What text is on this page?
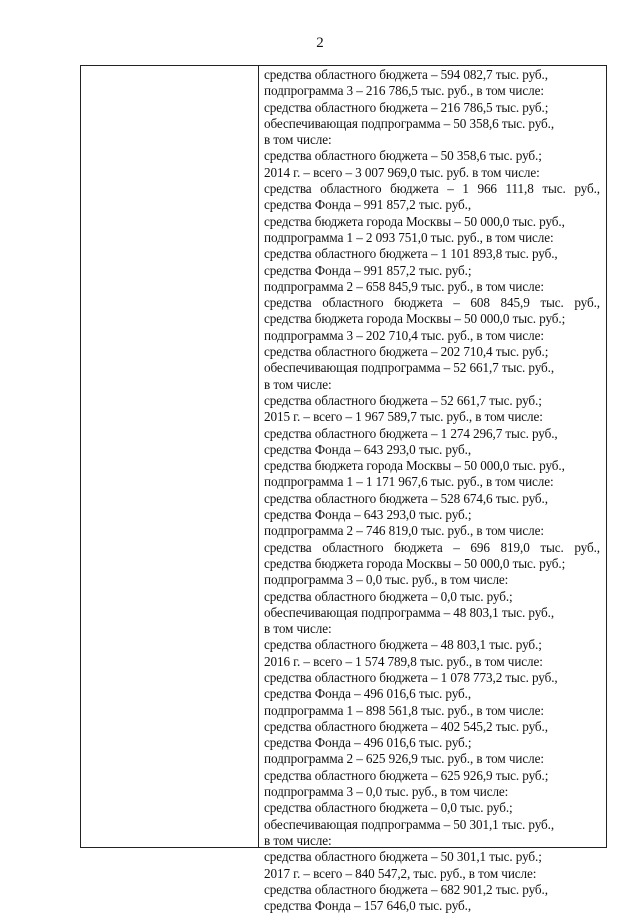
2
средства областного бюджета – 594 082,7 тыс. руб.,
подпрограмма 3 – 216 786,5 тыс. руб., в том числе:
средства областного бюджета – 216 786,5 тыс. руб.;
обеспечивающая подпрограмма – 50 358,6 тыс. руб.,
в том числе:
средства областного бюджета – 50 358,6 тыс. руб.;
2014 г. – всего – 3 007 969,0 тыс. руб. в том числе:
средства областного бюджета – 1 966 111,8 тыс. руб.,
средства Фонда – 991 857,2 тыс. руб.,
средства бюджета города Москвы – 50 000,0 тыс. руб.,
подпрограмма 1 – 2 093 751,0 тыс. руб., в том числе:
средства областного бюджета – 1 101 893,8 тыс. руб.,
средства Фонда – 991 857,2 тыс. руб.;
подпрограмма 2 – 658 845,9 тыс. руб., в том числе:
средства областного бюджета – 608 845,9 тыс. руб.,
средства бюджета города Москвы – 50 000,0 тыс. руб.;
подпрограмма 3 – 202 710,4 тыс. руб., в том числе:
средства областного бюджета – 202 710,4 тыс. руб.;
обеспечивающая подпрограмма – 52 661,7 тыс. руб.,
в том числе:
средства областного бюджета – 52 661,7 тыс. руб.;
2015 г. – всего – 1 967 589,7 тыс. руб., в том числе:
средства областного бюджета – 1 274 296,7 тыс. руб.,
средства Фонда – 643 293,0 тыс. руб.,
средства бюджета города Москвы – 50 000,0 тыс. руб.,
подпрограмма 1 – 1 171 967,6 тыс. руб., в том числе:
средства областного бюджета – 528 674,6 тыс. руб.,
средства Фонда – 643 293,0 тыс. руб.;
подпрограмма 2 – 746 819,0 тыс. руб., в том числе:
средства областного бюджета – 696 819,0 тыс. руб.,
средства бюджета города Москвы – 50 000,0 тыс. руб.;
подпрограмма 3 – 0,0 тыс. руб., в том числе:
средства областного бюджета – 0,0 тыс. руб.;
обеспечивающая подпрограмма – 48 803,1 тыс. руб.,
в том числе:
средства областного бюджета – 48 803,1 тыс. руб.;
2016 г. – всего – 1 574 789,8 тыс. руб., в том числе:
средства областного бюджета – 1 078 773,2 тыс. руб.,
средства Фонда – 496 016,6 тыс. руб.,
подпрограмма 1 – 898 561,8 тыс. руб., в том числе:
средства областного бюджета – 402 545,2 тыс. руб.,
средства Фонда – 496 016,6 тыс. руб.;
подпрограмма 2 – 625 926,9 тыс. руб., в том числе:
средства областного бюджета – 625 926,9 тыс. руб.;
подпрограмма 3 – 0,0 тыс. руб., в том числе:
средства областного бюджета – 0,0 тыс. руб.;
обеспечивающая подпрограмма – 50 301,1 тыс. руб.,
в том числе:
средства областного бюджета – 50 301,1 тыс. руб.;
2017 г. – всего – 840 547,2, тыс. руб., в том числе:
средства областного бюджета – 682 901,2 тыс. руб.,
средства Фонда – 157 646,0 тыс. руб.,
